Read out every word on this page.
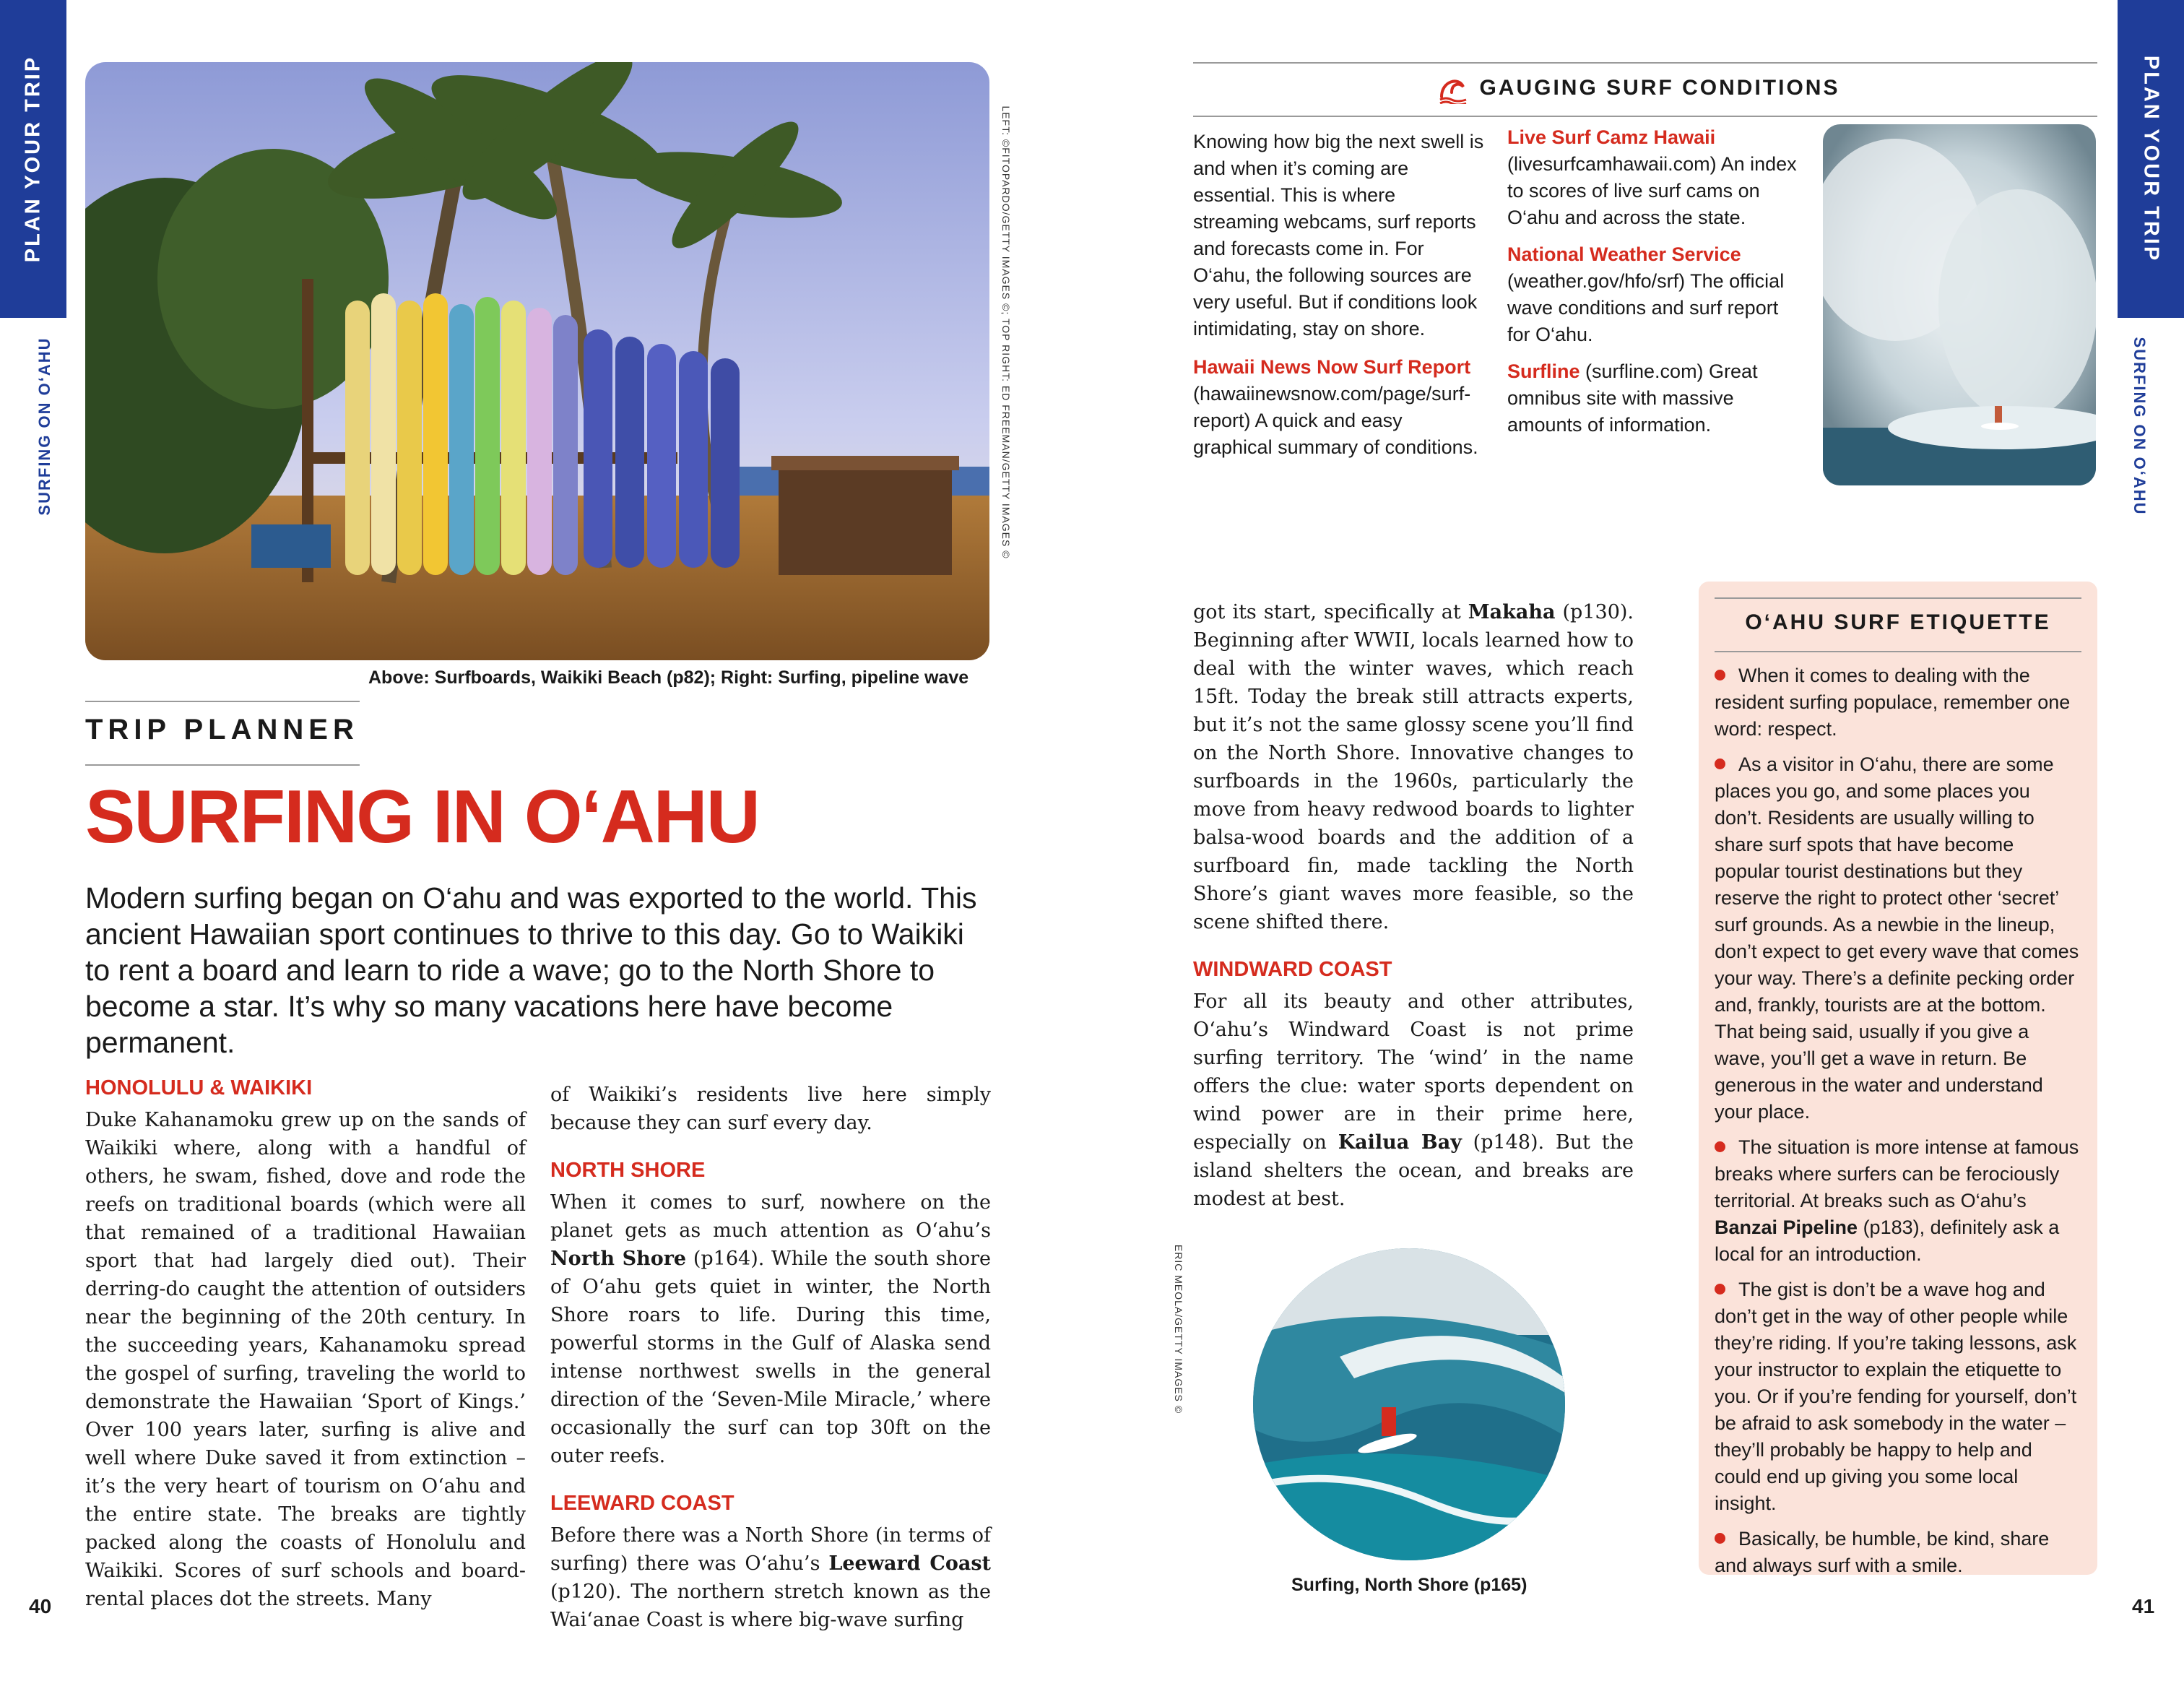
PLAN YOUR TRIP
SURFING ON O‘AHU
PLAN YOUR TRIP
SURFING ON O‘AHU
LEFT: ©FITOPARDO/GETTY IMAGES ©; TOP RIGHT: ED FREEMAN/GETTY IMAGES ©
Above: Surfboards, Waikiki Beach (p82); Right: Surfing, pipeline wave
TRIP PLANNER
SURFING IN O‘AHU
Modern surfing began on O‘ahu and was exported to the world. This ancient Hawaiian sport continues to thrive to this day. Go to Waikiki to rent a board and learn to ride a wave; go to the North Shore to become a star. It’s why so many vacations here have become permanent.
HONOLULU & WAIKIKI

Duke Kahanamoku grew up on the sands of Waikiki where, along with a handful of others, he swam, fished, dove and rode the reefs on traditional boards (which were all that remained of a traditional Hawaiian sport that had largely died out). Their derring-do caught the attention of outsiders near the beginning of the 20th century. In the succeeding years, Kahanamoku spread the gospel of surfing, traveling the world to demonstrate the Hawaiian ‘Sport of Kings.’ Over 100 years later, surfing is alive and well where Duke saved it from extinction – it’s the very heart of tourism on O‘ahu and the entire state. The breaks are tightly packed along the coasts of Honolulu and Waikiki. Scores of surf schools and board-rental places dot the streets. Many

of Waikiki’s residents live here simply because they can surf every day.

NORTH SHORE

When it comes to surf, nowhere on the planet gets as much attention as O‘ahu’s North Shore (p164). While the south shore of O‘ahu gets quiet in winter, the North Shore roars to life. During this time, powerful storms in the Gulf of Alaska send intense northwest swells in the general direction of the ‘Seven-Mile Miracle,’ where occasionally the surf can top 30ft on the outer reefs.

LEEWARD COAST

Before there was a North Shore (in terms of surfing) there was O‘ahu’s Leeward Coast (p120). The northern stretch known as the Wai‘anae Coast is where big-wave surfing

40
GAUGING SURF CONDITIONS
Knowing how big the next swell is and when it’s coming are essential. This is where streaming webcams, surf reports and forecasts come in. For O‘ahu, the following sources are very useful. But if conditions look intimidating, stay on shore.
Hawaii News Now Surf Report (hawaiinewsnow.com/page/surf-report) A quick and easy graphical summary of conditions.
Live Surf Camz Hawaii (livesurfcamhawaii.com) An index to scores of live surf cams on O‘ahu and across the state.
National Weather Service (weather.gov/hfo/srf) The official wave conditions and surf report for O‘ahu.
Surfline (surfline.com) Great omnibus site with massive amounts of information.

got its start, specifically at Makaha (p130). Beginning after WWII, locals learned how to deal with the winter waves, which reach 15ft. Today the break still attracts experts, but it’s not the same glossy scene you’ll find on the North Shore. Innovative changes to surfboards in the 1960s, particularly the move from heavy redwood boards to lighter balsa-wood boards and the addition of a surfboard fin, made tackling the North Shore’s giant waves more feasible, so the scene shifted there.

WINDWARD COAST

For all its beauty and other attributes, O‘ahu’s Windward Coast is not prime surfing territory. The ‘wind’ in the name offers the clue: water sports dependent on wind power are in their prime here, especially on Kailua Bay (p148). But the island shelters the ocean, and breaks are modest at best.

ERIC MEOLA/GETTY IMAGES ©
Surfing, North Shore (p165)
O‘AHU SURF ETIQUETTE
When it comes to dealing with the resident surfing populace, remember one word: respect.
As a visitor in O‘ahu, there are some places you go, and some places you don’t. Residents are usually willing to share surf spots that have become popular tourist destinations but they reserve the right to protect other ‘secret’ surf grounds. As a newbie in the lineup, don’t expect to get every wave that comes your way. There’s a definite pecking order and, frankly, tourists are at the bottom. That being said, usually if you give a wave, you’ll get a wave in return. Be generous in the water and understand your place.
The situation is more intense at famous breaks where surfers can be ferociously territorial. At breaks such as O‘ahu’s Banzai Pipeline (p183), definitely ask a local for an introduction.
The gist is don’t be a wave hog and don’t get in the way of other people while they’re riding. If you’re taking lessons, ask your instructor to explain the etiquette to you. Or if you’re fending for yourself, don’t be afraid to ask somebody in the water – they’ll probably be happy to help and could end up giving you some local insight.
Basically, be humble, be kind, share and always surf with a smile.
41
